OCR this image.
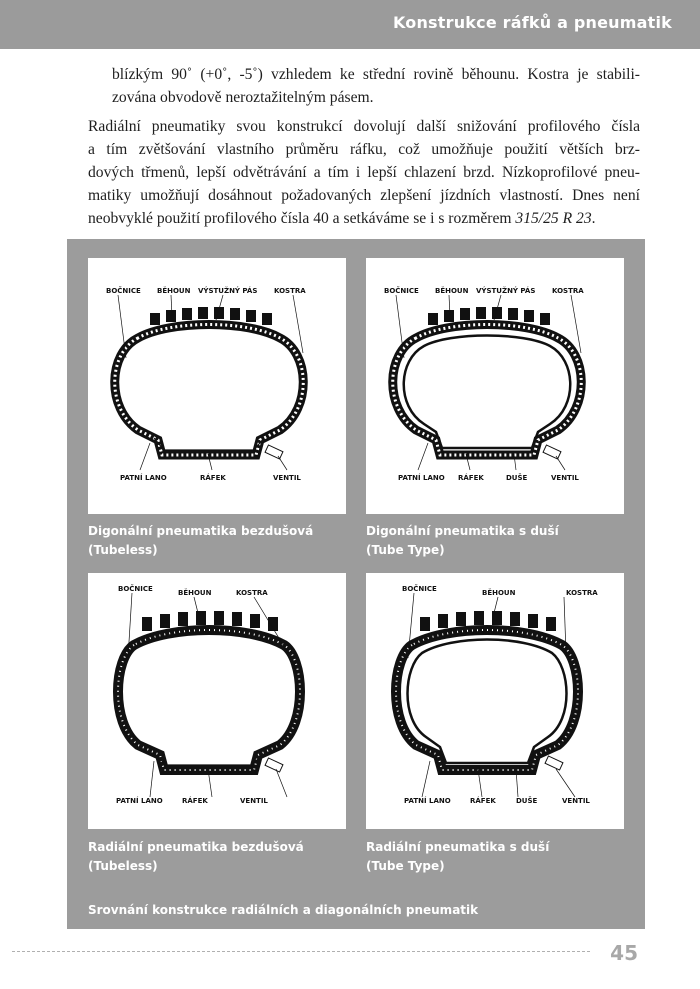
Konstrukce ráfků a pneumatik

blízkým 90˚ (+0˚, -5˚) vzhledem ke střední rovině běhounu. Kostra je stabili-
zována obvodově neroztažitelným pásem.

Radiální pneumatiky svou konstrukcí dovolují další snižování profilového čísla
a tím zvětšování vlastního průměru ráfku, což umožňuje použití větších brz-
dových třmenů, lepší odvětrávání a tím i lepší chlazení brzd. Nízkoprofilové pneu-
matiky umožňují dosáhnout požadovaných zlepšení jízdních vlastností. Dnes není
neobvyklé použití profilového čísla 40 a setkáváme se i s rozměrem 315/25 R 23.

BOČNICE BĚHOUN VÝSTUŽNÝ PÁS KOSTRA
PATNÍ LANO	RÁFEK	VENTIL
BOČNICE BĚHOUN VÝSTUŽNÝ PÁS KOSTRA
PATNÍ LANO RÁFEK	DUŠE	VENTIL
BOČNICE	BĚHOUN	KOSTRA
PATNÍ LANO	RÁFEK	VENTIL
BOČNICE	BĚHOUN	KOSTRA
PATNÍ LANO	RÁFEK	DUŠE	VENTIL
Digonální pneumatika bezdušová
(Tubeless)
Digonální pneumatika s duší
(Tube Type)
Radiální pneumatika bezdušová
(Tubeless)
Radiální pneumatika s duší
(Tube Type)
Srovnání konstrukce radiálních a diagonálních pneumatik
45
